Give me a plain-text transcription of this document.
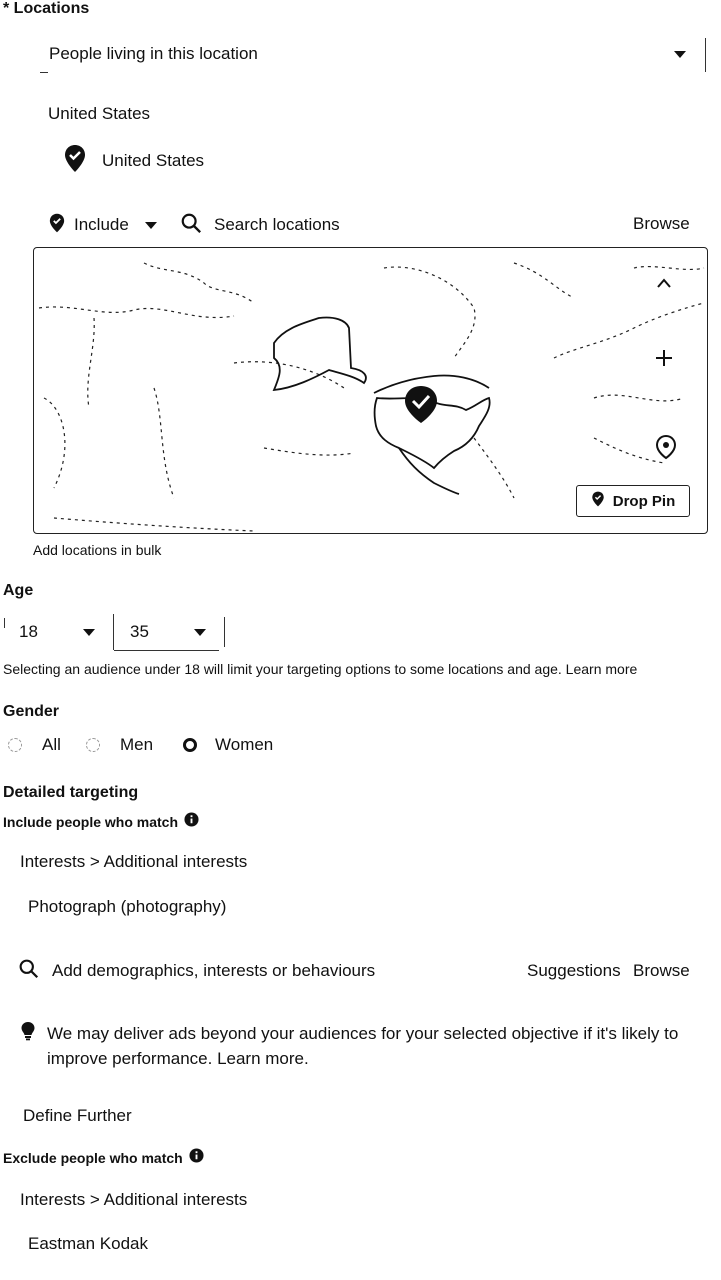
* Locations
People living in this location
United States
United States
Include	Search locations	Browse
Drop Pin
Add locations in bulk
Age
18	35
Selecting an audience under 18 will limit your targeting options to some locations and age. Learn more
Gender
All	Men	Women
Detailed targeting
Include people who match
Interests > Additional interests
Photograph (photography)
Add demographics, interests or behaviours	Suggestions Browse
We may deliver ads beyond your audiences for your selected objective if it's likely to improve performance. Learn more.
Define Further
Exclude people who match
Interests > Additional interests
Eastman Kodak
